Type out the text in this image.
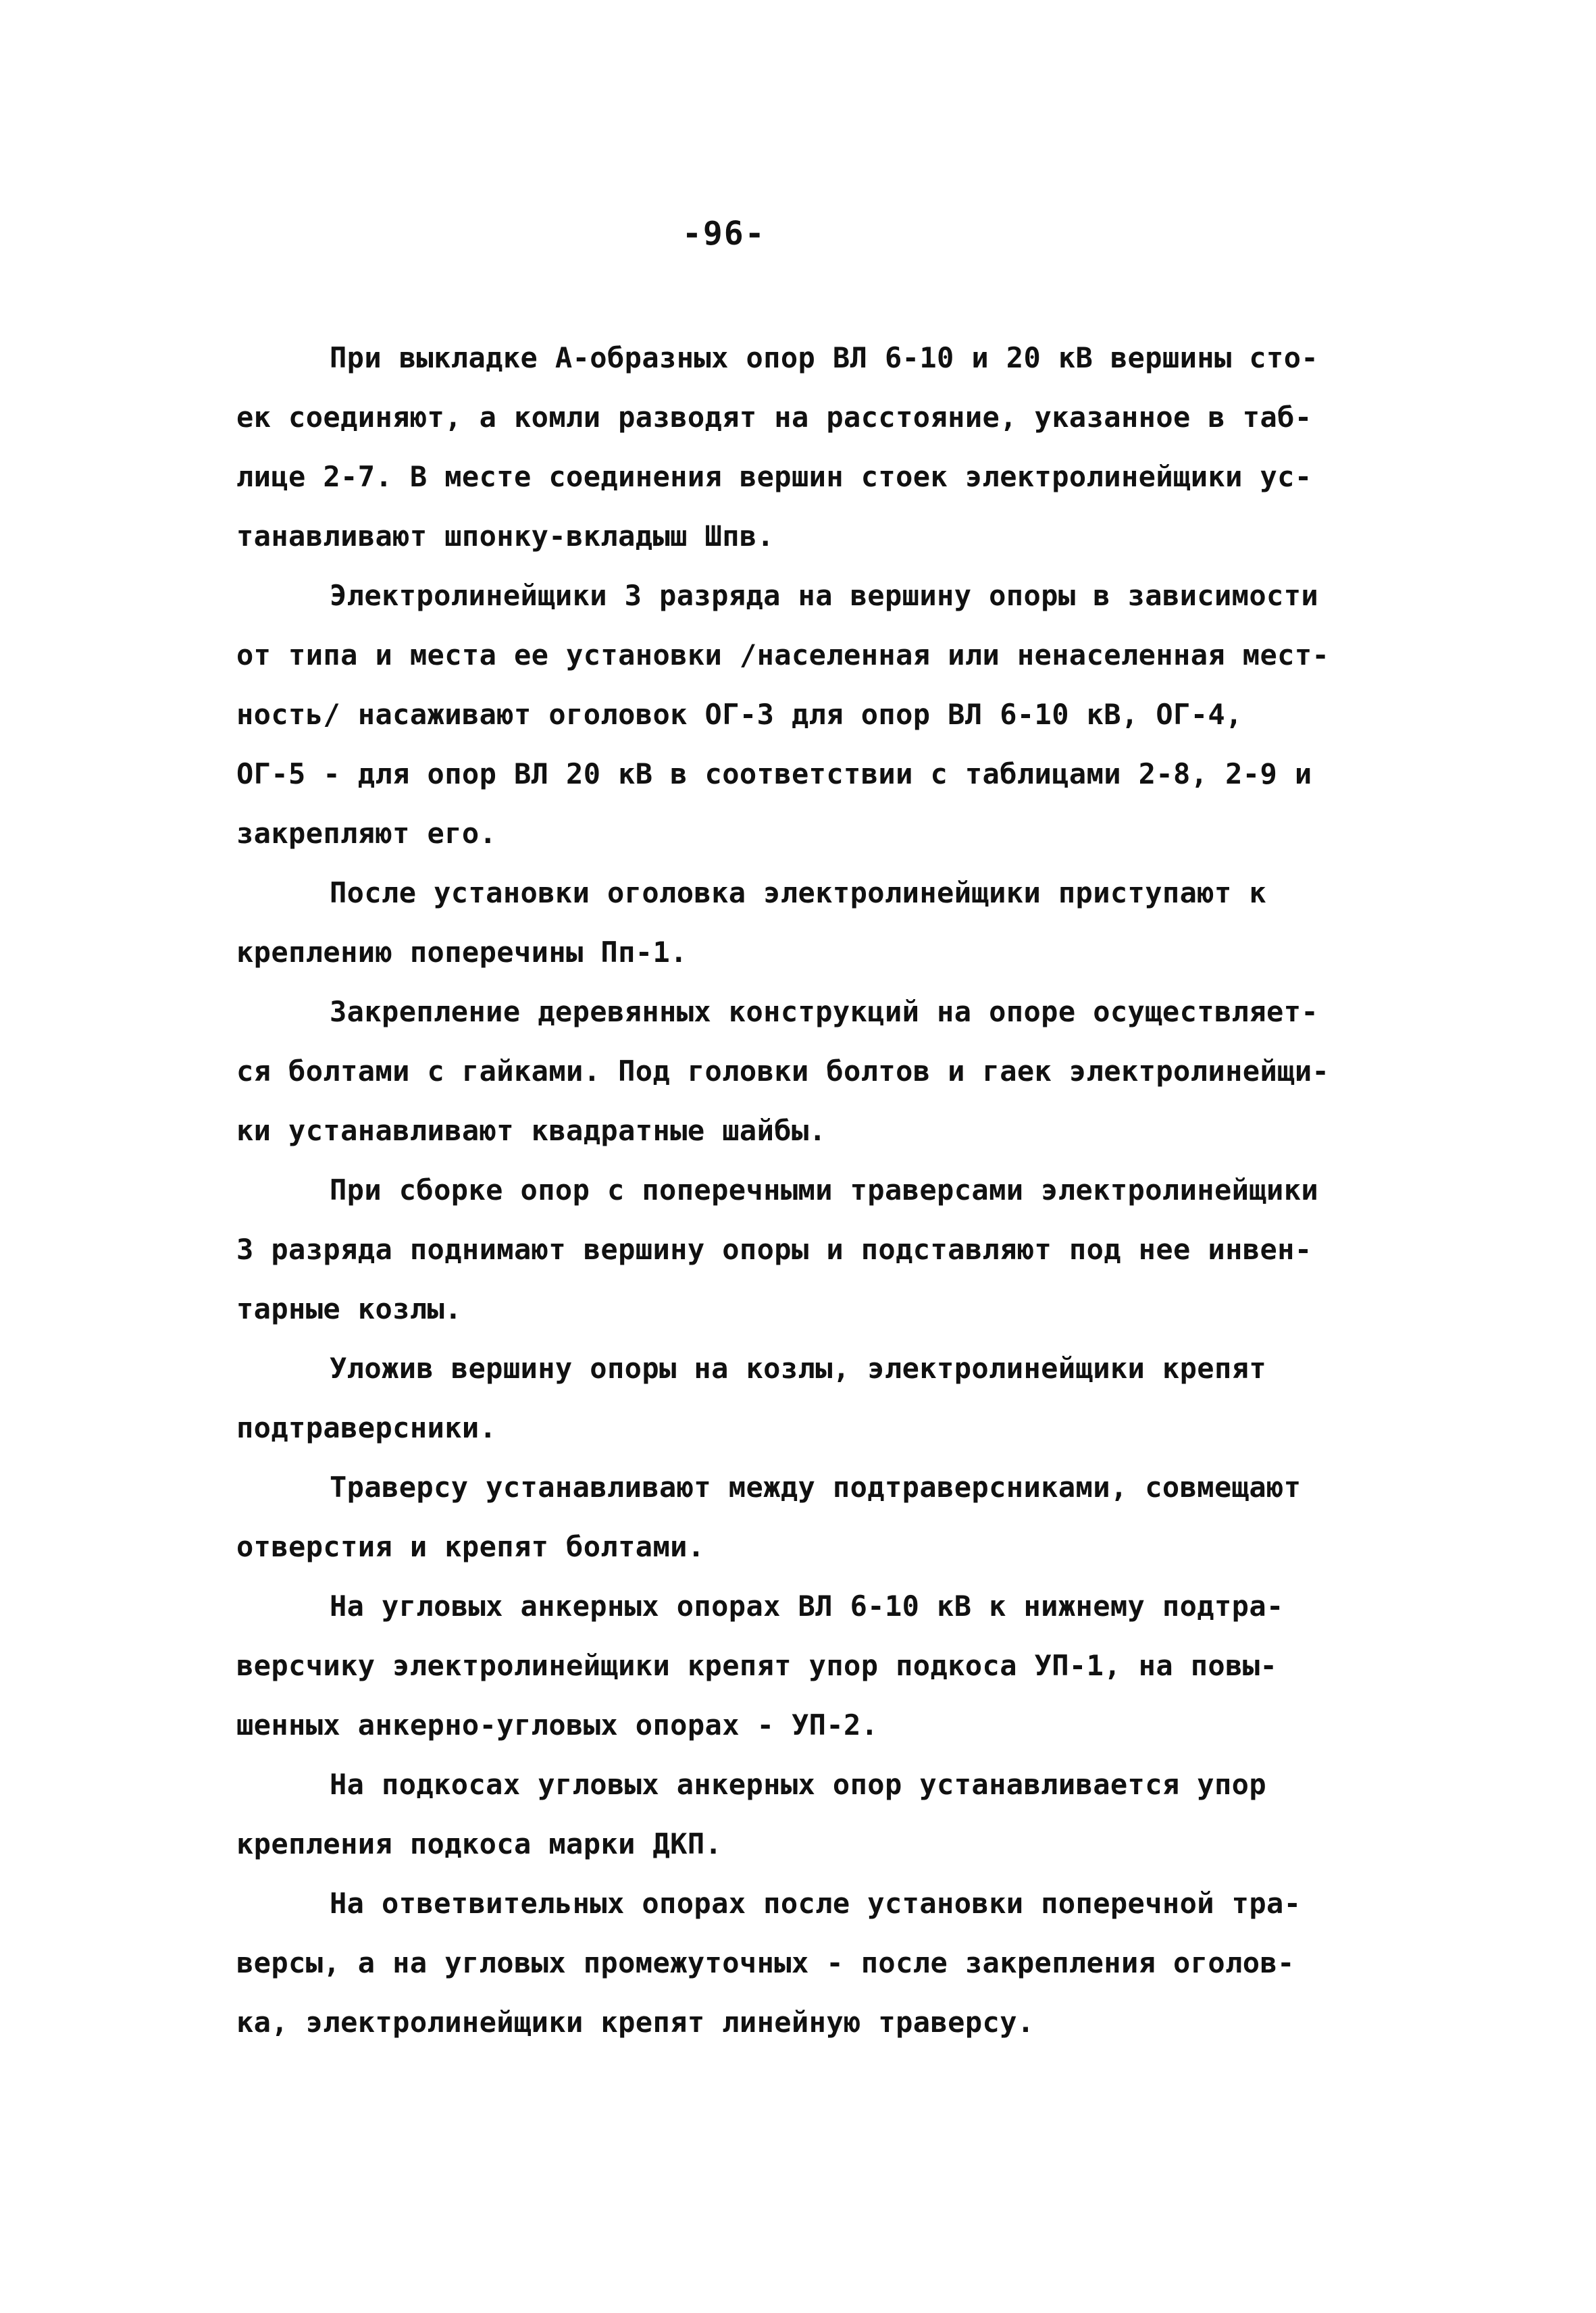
-96-
При выкладке А-образных опор ВЛ 6-10 и 20 кВ вершины сто-
ек соединяют, а комли разводят на расстояние, указанное в таб-
лице 2-7. В месте соединения вершин стоек электролинейщики ус-
танавливают шпонку-вкладыш Шпв.
Электролинейщики 3 разряда на вершину опоры в зависимости
от типа и места ее установки /населенная или ненаселенная мест-
ность/ насаживают оголовок ОГ-3 для опор ВЛ 6-10 кВ, ОГ-4,
ОГ-5 - для опор ВЛ 20 кВ в соответствии с таблицами 2-8, 2-9 и
закрепляют его.
После установки оголовка электролинейщики приступают к
креплению поперечины Пп-1.
Закрепление деревянных конструкций на опоре осуществляет-
ся болтами с гайками. Под головки болтов и гаек электролинейщи-
ки устанавливают квадратные шайбы.
При сборке опор с поперечными траверсами электролинейщики
3 разряда поднимают вершину опоры и подставляют под нее инвен-
тарные козлы.
Уложив вершину опоры на козлы, электролинейщики крепят
подтраверсники.
Траверсу устанавливают между подтраверсниками, совмещают
отверстия и крепят болтами.
На угловых анкерных опорах ВЛ 6-10 кВ к нижнему подтра-
версчику электролинейщики крепят упор подкоса УП-1, на повы-
шенных анкерно-угловых опорах - УП-2.
На подкосах угловых анкерных опор устанавливается упор
крепления подкоса марки ДКП.
На ответвительных опорах после установки поперечной тра-
версы, а на угловых промежуточных - после закрепления оголов-
ка, электролинейщики крепят линейную траверсу.
